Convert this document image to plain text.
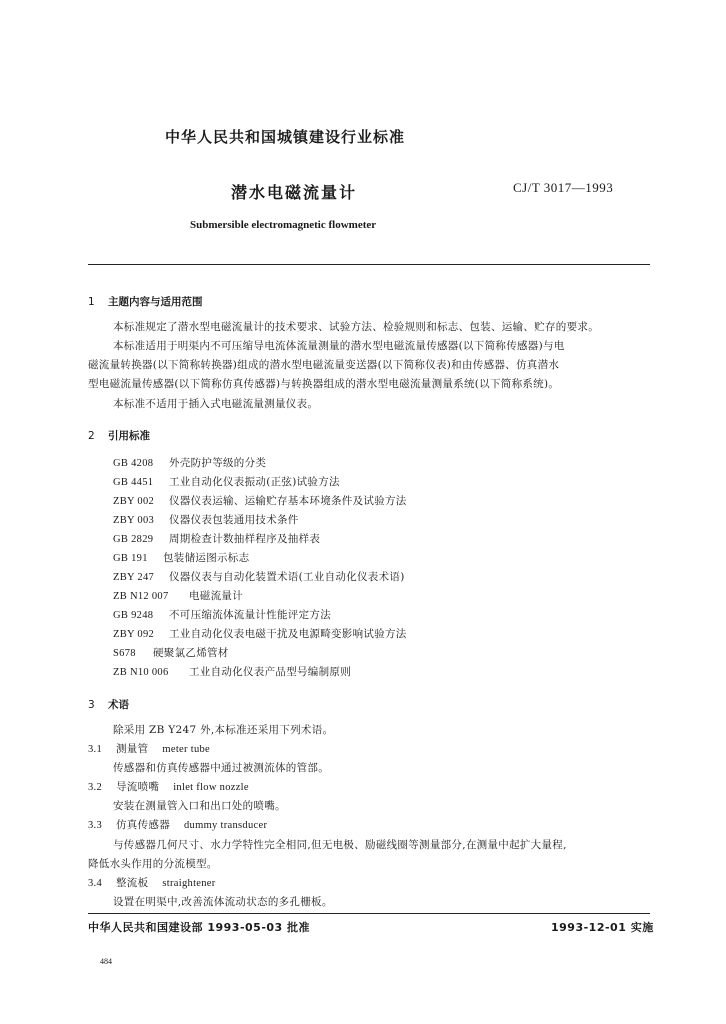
中华人民共和国城镇建设行业标准
潜水电磁流量计	CJ/T 3017—1993
Submersible electromagnetic flowmeter
1 主题内容与适用范围
本标准规定了潜水型电磁流量计的技术要求、试验方法、检验规则和标志、包装、运输、贮存的要求。
本标准适用于明渠内不可压缩导电流体流量测量的潜水型电磁流量传感器(以下简称传感器)与电
磁流量转换器(以下简称转换器)组成的潜水型电磁流量变送器(以下简称仪表)和由传感器、仿真潜水
型电磁流量传感器(以下简称仿真传感器)与转换器组成的潜水型电磁流量测量系统(以下简称系统)。
本标准不适用于插入式电磁流量测量仪表。
2 引用标准
GB 4208 外壳防护等级的分类
GB 4451 工业自动化仪表振动(正弦)试验方法
ZBY 002 仪器仪表运输、运输贮存基本环境条件及试验方法
ZBY 003 仪器仪表包装通用技术条件
GB 2829 周期检查计数抽样程序及抽样表
GB 191 包装储运图示标志
ZBY 247 仪器仪表与自动化装置术语(工业自动化仪表术语)
ZB N12 007 电磁流量计
GB 9248 不可压缩流体流量计性能评定方法
ZBY 092 工业自动化仪表电磁干扰及电源畸变影响试验方法
S678 硬聚氯乙烯管材
ZB N10 006 工业自动化仪表产品型号编制原则
3 术语
除采用 ZB Y247 外,本标准还采用下列术语。
3.1 测量管 meter tube
传感器和仿真传感器中通过被测流体的管部。
3.2 导流喷嘴 inlet flow nozzle
安装在测量管入口和出口处的喷嘴。
3.3 仿真传感器 dummy transducer
与传感器几何尺寸、水力学特性完全相同,但无电极、励磁线圈等测量部分,在测量中起扩大量程,
降低水头作用的分流模型。
3.4 整流板 straightener
设置在明渠中,改善流体流动状态的多孔栅板。
中华人民共和国建设部 1993-05-03 批准	1993-12-01 实施
484
